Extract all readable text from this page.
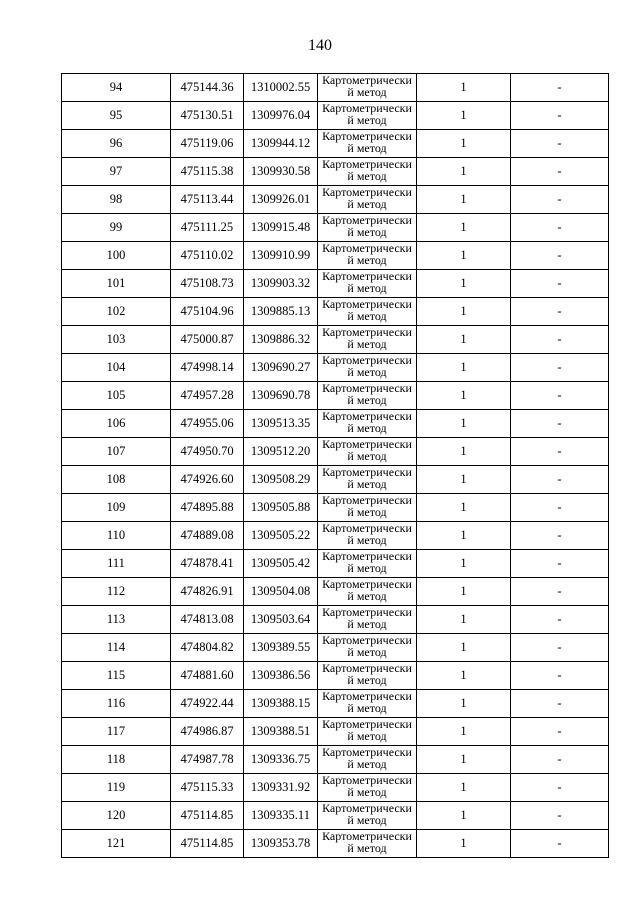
140
94	475144.36	1310002.55	Картометрически й метод	1	-
95	475130.51	1309976.04	Картометрически й метод	1	-
96	475119.06	1309944.12	Картометрически й метод	1	-
97	475115.38	1309930.58	Картометрически й метод	1	-
98	475113.44	1309926.01	Картометрически й метод	1	-
99	475111.25	1309915.48	Картометрически й метод	1	-
100	475110.02	1309910.99	Картометрически й метод	1	-
101	475108.73	1309903.32	Картометрически й метод	1	-
102	475104.96	1309885.13	Картометрически й метод	1	-
103	475000.87	1309886.32	Картометрически й метод	1	-
104	474998.14	1309690.27	Картометрически й метод	1	-
105	474957.28	1309690.78	Картометрически й метод	1	-
106	474955.06	1309513.35	Картометрически й метод	1	-
107	474950.70	1309512.20	Картометрически й метод	1	-
108	474926.60	1309508.29	Картометрически й метод	1	-
109	474895.88	1309505.88	Картометрически й метод	1	-
110	474889.08	1309505.22	Картометрически й метод	1	-
111	474878.41	1309505.42	Картометрически й метод	1	-
112	474826.91	1309504.08	Картометрически й метод	1	-
113	474813.08	1309503.64	Картометрически й метод	1	-
114	474804.82	1309389.55	Картометрически й метод	1	-
115	474881.60	1309386.56	Картометрически й метод	1	-
116	474922.44	1309388.15	Картометрически й метод	1	-
117	474986.87	1309388.51	Картометрически й метод	1	-
118	474987.78	1309336.75	Картометрически й метод	1	-
119	475115.33	1309331.92	Картометрически й метод	1	-
120	475114.85	1309335.11	Картометрически й метод	1	-
121	475114.85	1309353.78	Картометрически й метод	1	-
